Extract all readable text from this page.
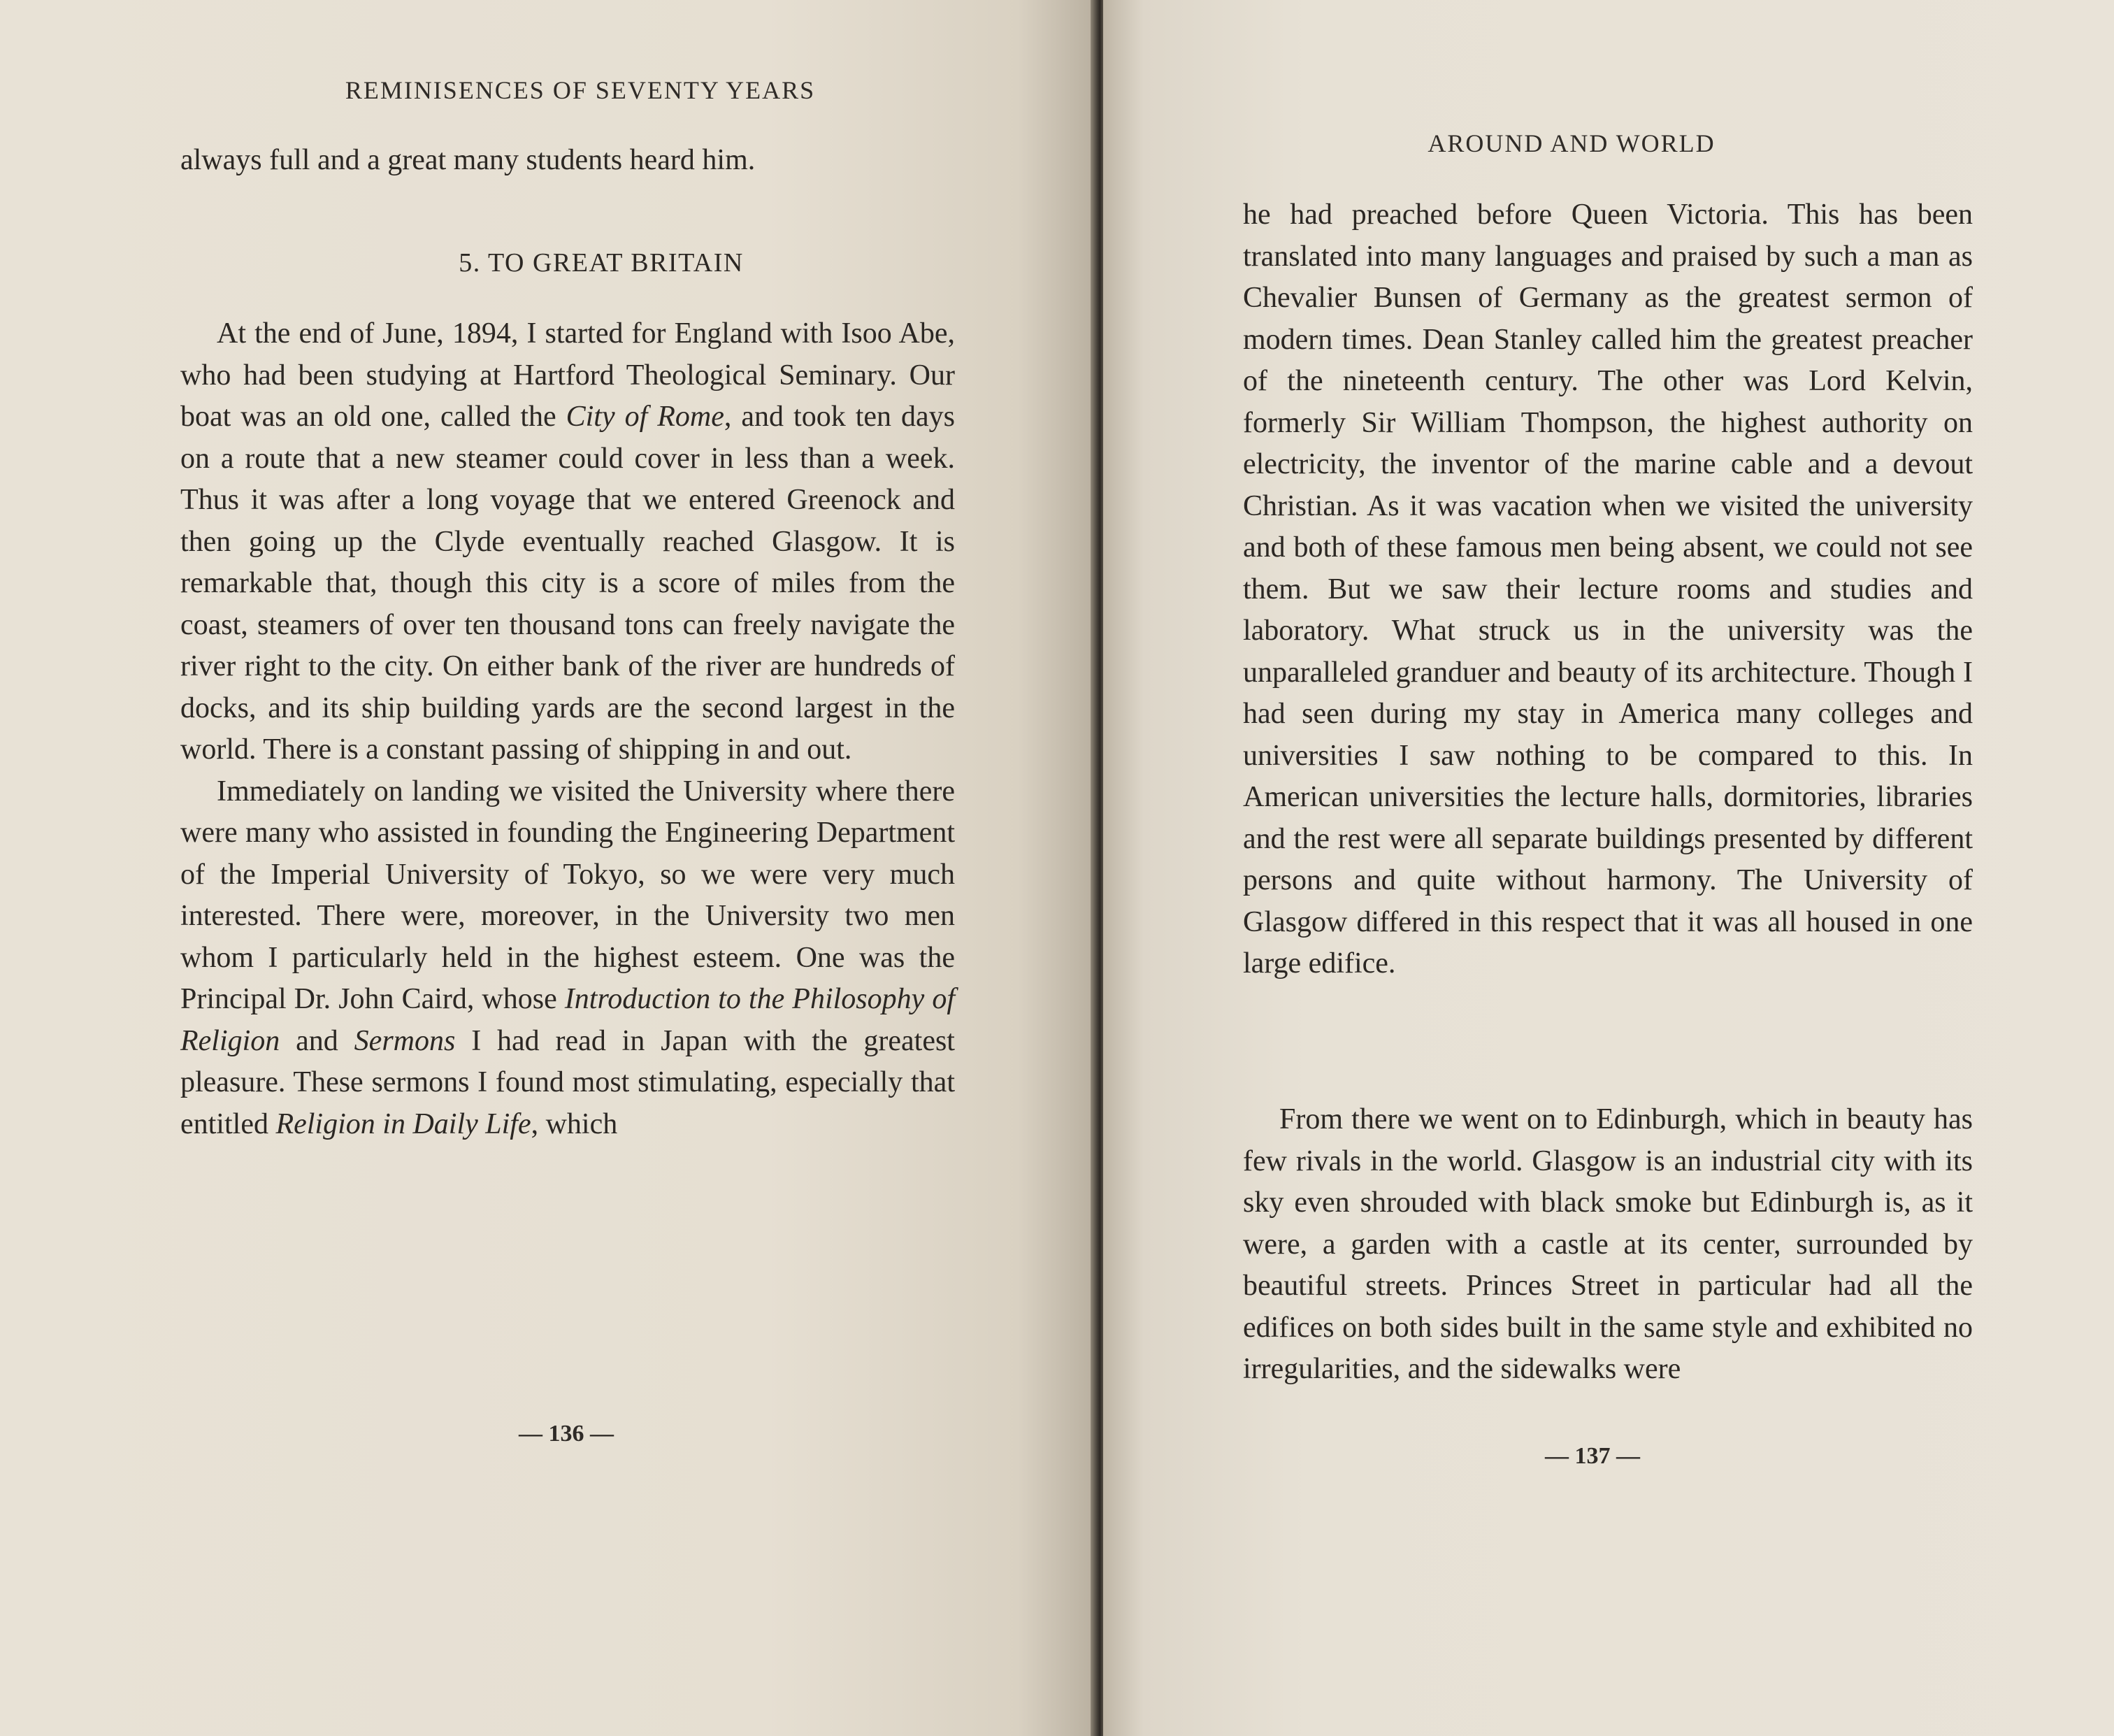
REMINISENCES OF SEVENTY YEARS
always full and a great many students heard him.
5. TO GREAT BRITAIN

At the end of June, 1894, I started for England with Isoo Abe, who had been studying at Hartford Theological Seminary. Our boat was an old one, called the City of Rome, and took ten days on a route that a new steamer could cover in less than a week. Thus it was after a long voyage that we entered Greenock and then going up the Clyde eventually reached Glasgow. It is remarkable that, though this city is a score of miles from the coast, steamers of over ten thousand tons can freely navigate the river right to the city. On either bank of the river are hundreds of docks, and its ship building yards are the second largest in the world. There is a constant passing of shipping in and out.

Immediately on landing we visited the University where there were many who assisted in founding the Engineering Department of the Imperial University of Tokyo, so we were very much interested. There were, moreover, in the University two men whom I particularly held in the highest esteem. One was the Principal Dr. John Caird, whose Introduction to the Philosophy of Religion and Sermons I had read in Japan with the greatest pleasure. These sermons I found most stimulating, especially that entitled Religion in Daily Life, which

— 136 —
AROUND AND WORLD

he had preached before Queen Victoria. This has been translated into many languages and praised by such a man as Chevalier Bunsen of Germany as the greatest sermon of modern times. Dean Stanley called him the greatest preacher of the nineteenth century. The other was Lord Kelvin, formerly Sir William Thompson, the highest authority on electricity, the inventor of the marine cable and a devout Christian. As it was vacation when we visited the university and both of these famous men being absent, we could not see them. But we saw their lecture rooms and studies and laboratory. What struck us in the university was the unparalleled granduer and beauty of its architecture. Though I had seen during my stay in America many colleges and universities I saw nothing to be compared to this. In American universities the lecture halls, dormitories, libraries and the rest were all separate buildings presented by different persons and quite without harmony. The University of Glasgow differed in this respect that it was all housed in one large edifice.

From there we went on to Edinburgh, which in beauty has few rivals in the world. Glasgow is an industrial city with its sky even shrouded with black smoke but Edinburgh is, as it were, a garden with a castle at its center, surrounded by beautiful streets. Princes Street in particular had all the edifices on both sides built in the same style and exhibited no irregularities, and the sidewalks were

— 137 —
